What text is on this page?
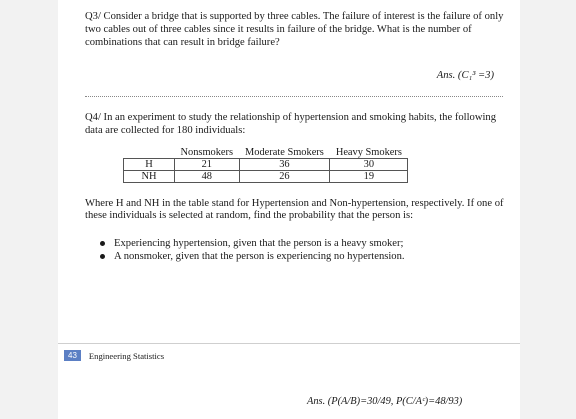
Q3/ Consider a bridge that is supported by three cables. The failure of interest is the failure of only two cables out of three cables since it results in failure of the bridge. What is the number of combinations that can result in bridge failure?
Ans. (C₁³ =3)
Q4/ In an experiment to study the relationship of hypertension and smoking habits, the following data are collected for 180 individuals:
	Nonsmokers	Moderate Smokers	Heavy Smokers
H	21	36	30
NH	48	26	19
Where H and NH in the table stand for Hypertension and Non-hypertension, respectively. If one of these individuals is selected at random, find the probability that the person is:
Experiencing hypertension, given that the person is a heavy smoker;
A nonsmoker, given that the person is experiencing no hypertension.
43	Engineering Statistics
Ans. (P(A/B)=30/49, P(C/Aᶜ)=48/93)
